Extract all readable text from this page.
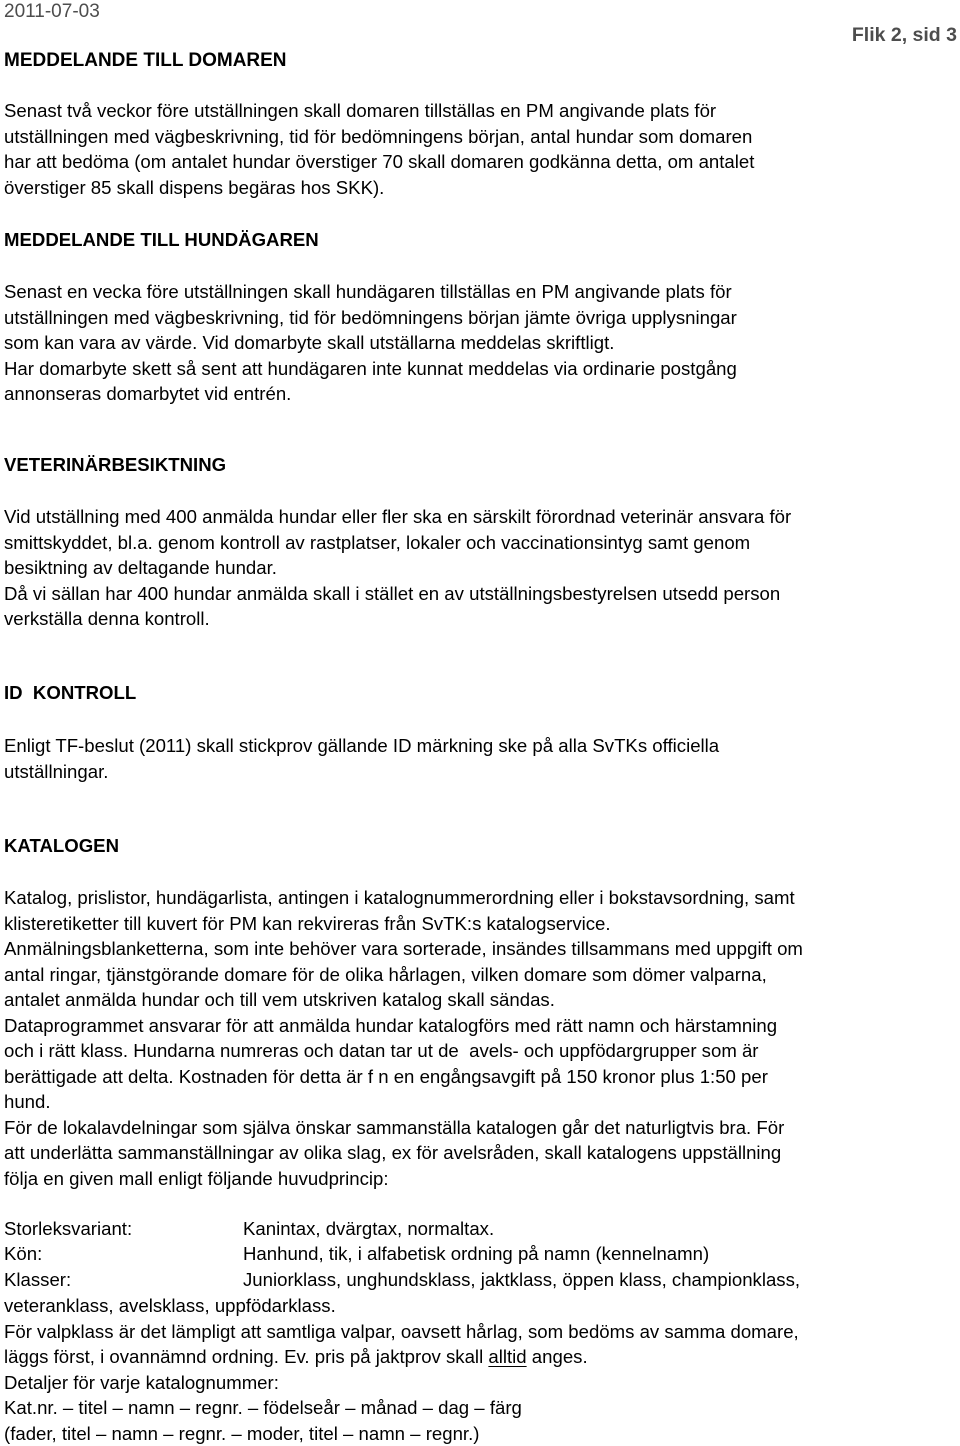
2011-07-03
Flik 2, sid 3
MEDDELANDE TILL DOMAREN
Senast två veckor före utställningen skall domaren tillställas en PM angivande plats för
utställningen med vägbeskrivning, tid för bedömningens början, antal hundar som domaren
har att bedöma (om antalet hundar överstiger 70 skall domaren godkänna detta, om antalet
överstiger 85 skall dispens begäras hos SKK).
MEDDELANDE TILL HUNDÄGAREN
Senast en vecka före utställningen skall hundägaren tillställas en PM angivande plats för
utställningen med vägbeskrivning, tid för bedömningens början jämte övriga upplysningar
som kan vara av värde. Vid domarbyte skall utställarna meddelas skriftligt.
Har domarbyte skett så sent att hundägaren inte kunnat meddelas via ordinarie postgång
annonseras domarbytet vid entrén.
VETERINÄRBESIKTNING
Vid utställning med 400 anmälda hundar eller fler ska en särskilt förordnad veterinär ansvara för
smittskyddet, bl.a. genom kontroll av rastplatser, lokaler och vaccinationsintyg samt genom
besiktning av deltagande hundar.
Då vi sällan har 400 hundar anmälda skall i stället en av utställningsbestyrelsen utsedd person
verkställa denna kontroll.
ID  KONTROLL
Enligt TF-beslut (2011) skall stickprov gällande ID märkning ske på alla SvTKs officiella
utställningar.
KATALOGEN
Katalog, prislistor, hundägarlista, antingen i katalognummerordning eller i bokstavsordning, samt
klisteretiketter till kuvert för PM kan rekvireras från SvTK:s katalogservice.
Anmälningsblanketterna, som inte behöver vara sorterade, insändes tillsammans med uppgift om
antal ringar, tjänstgörande domare för de olika hårlagen, vilken domare som dömer valparna,
antalet anmälda hundar och till vem utskriven katalog skall sändas.
Dataprogrammet ansvarar för att anmälda hundar katalogförs med rätt namn och härstamning
och i rätt klass. Hundarna numreras och datan tar ut de  avels- och uppfödargrupper som är
berättigade att delta. Kostnaden för detta är f n en engångsavgift på 150 kronor plus 1:50 per
hund.
För de lokalavdelningar som själva önskar sammanställa katalogen går det naturligtvis bra. För
att underlätta sammanställningar av olika slag, ex för avelsråden, skall katalogens uppställning
följa en given mall enligt följande huvudprincip:
Storleksvariant:	Kanintax, dvärgtax, normaltax.
Kön:	Hanhund, tik, i alfabetisk ordning på namn (kennelnamn)
Klasser:	Juniorklass, unghundsklass, jaktklass, öppen klass, championklass,
veteranklass, avelsklass, uppfödarklass.
För valpklass är det lämpligt att samtliga valpar, oavsett hårlag, som bedöms av samma domare,
läggs först, i ovannämnd ordning. Ev. pris på jaktprov skall alltid anges.
Detaljer för varje katalognummer:
Kat.nr. – titel – namn – regnr. – födelseår – månad – dag – färg
(fader, titel – namn – regnr. – moder, titel – namn – regnr.)
